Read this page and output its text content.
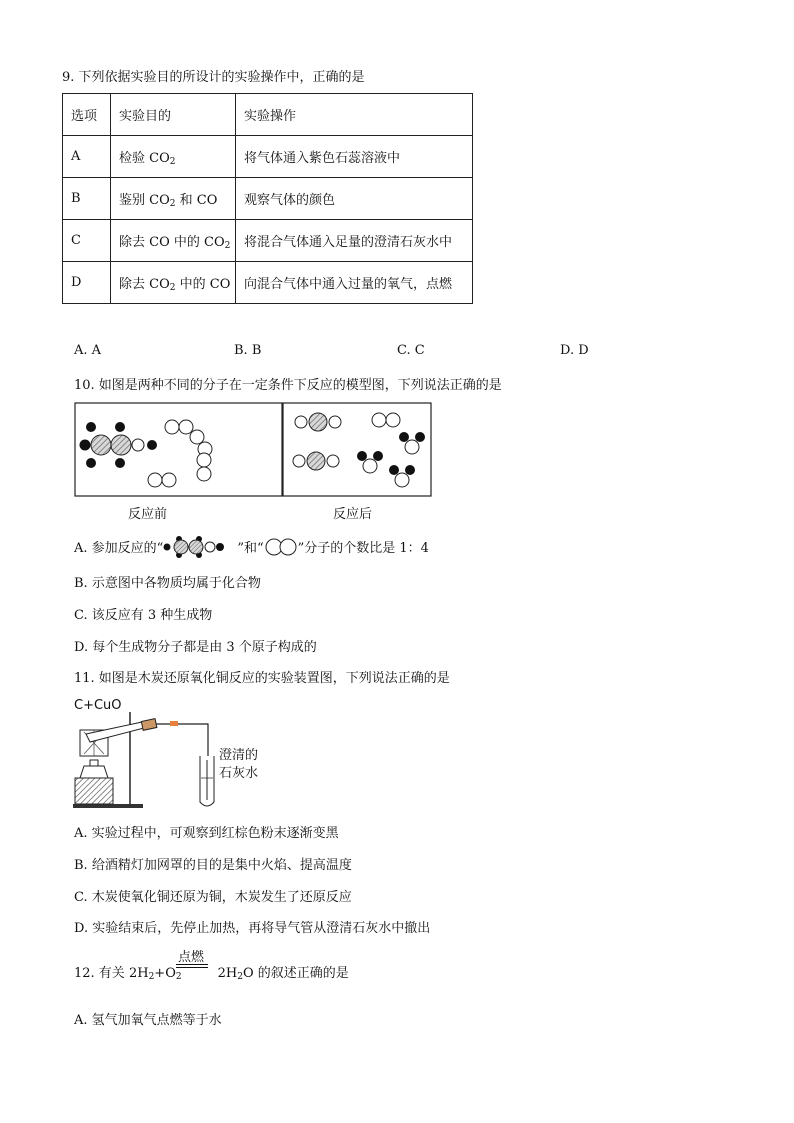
9. 下列依据实验目的所设计的实验操作中，正确的是
选项	实验目的	实验操作
A	检验 $CO_2$	将气体通入紫色石蕊溶液中
B	鉴别 $CO_2$ 和 CO	观察气体的颜色
C	除去 CO 中的 $CO_2$	将混合气体通入足量的澄清石灰水中
D	除去 $CO_2$ 中的 CO	向混合气体中通入过量的氧气，点燃
A. A	B. B	C. C	D. D
10. 如图是两种不同的分子在一定条件下反应的模型图，下列说法正确的是
反应前	反应后
A. 参加反应的“	”和“	”分子的个数比是 1：4
B. 示意图中各物质均属于化合物
C. 该反应有 3 种生成物
D. 每个生成物分子都是由 3 个原子构成的
11. 如图是木炭还原氧化铜反应的实验装置图，下列说法正确的是
C+CuO
澄清的
石灰水
A. 实验过程中，可观察到红棕色粉末逐渐变黑
B. 给酒精灯加网罩的目的是集中火焰、提高温度
C. 木炭使氧化铜还原为铜，木炭发生了还原反应
D. 实验结束后，先停止加热，再将导气管从澄清石灰水中撤出
点燃
12. 有关 $2H_2+O_2$	$2H_2O$ 的叙述正确的是
A. 氢气加氧气点燃等于水
